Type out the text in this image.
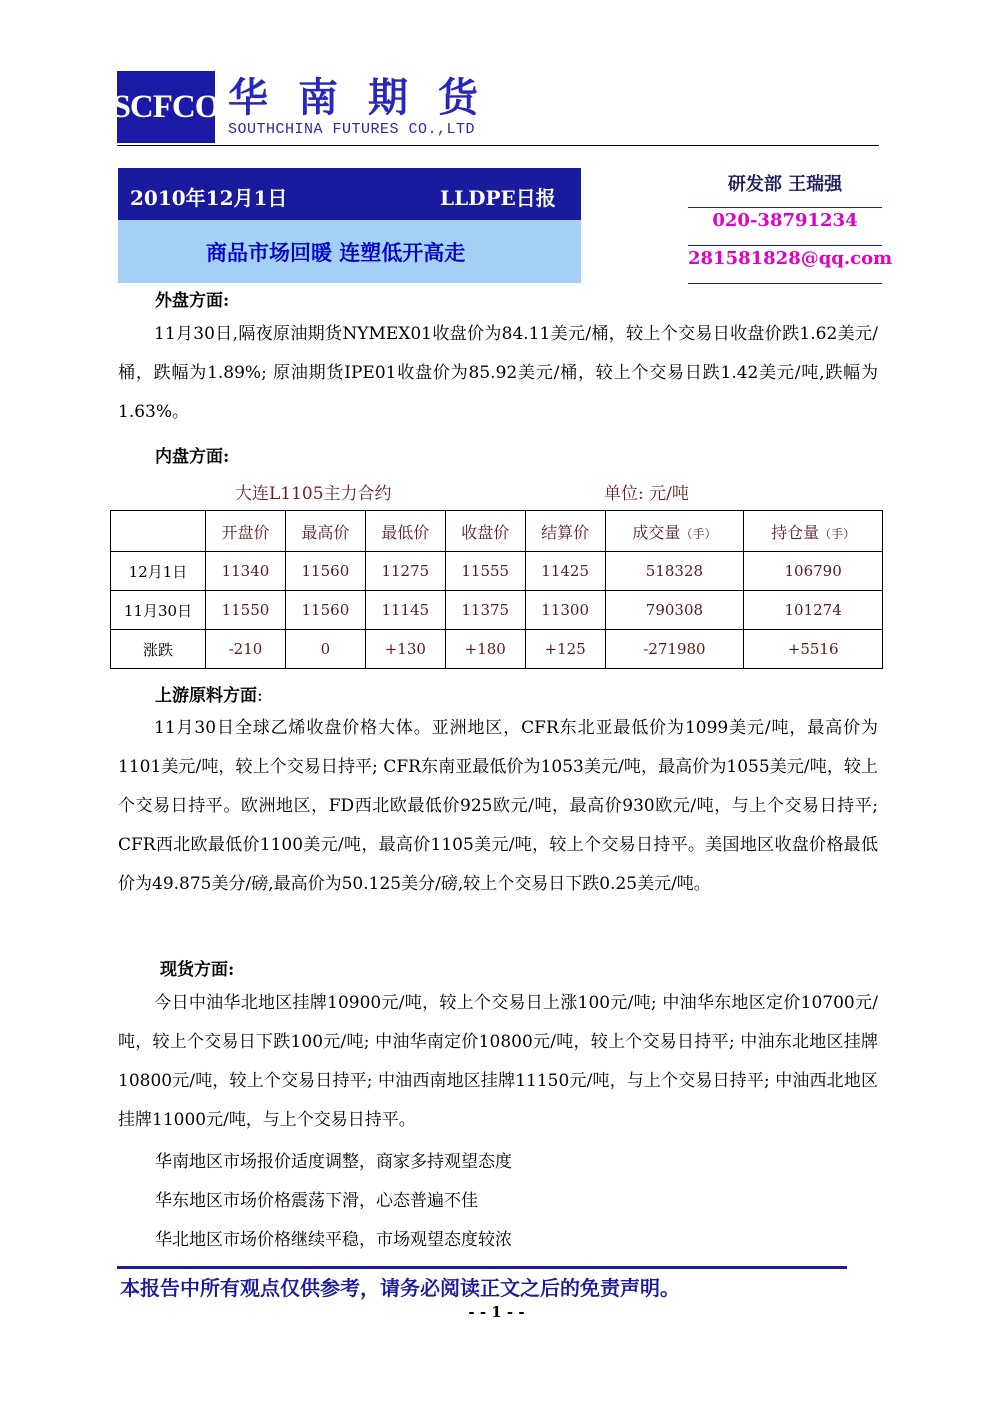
SCFCO 华南期货
SOUTHCHINA FUTURES CO.,LTD
2010年12月1日	LLDPE日报
商品市场回暖 连塑低开高走
研发部 王瑞强
020-38791234
281581828@qq.com
外盘方面:
11月30日,隔夜原油期货NYMEX01收盘价为84.11美元/桶，较上个交易日收盘价跌1.62美元/桶，跌幅为1.89%; 原油期货IPE01收盘价为85.92美元/桶，较上个交易日跌1.42美元/吨,跌幅为1.63%。
内盘方面:
大连L1105主力合约	单位: 元/吨
	开盘价	最高价	最低价	收盘价	结算价	成交量（手）	持仓量（手）
12月1日	11340	11560	11275	11555	11425	518328	106790
11月30日	11550	11560	11145	11375	11300	790308	101274
涨跌	-210	0	+130	+180	+125	-271980	+5516
上游原料方面:
11月30日全球乙烯收盘价格大体。亚洲地区，CFR东北亚最低价为1099美元/吨，最高价为1101美元/吨，较上个交易日持平; CFR东南亚最低价为1053美元/吨，最高价为1055美元/吨，较上个交易日持平。欧洲地区，FD西北欧最低价925欧元/吨，最高价930欧元/吨，与上个交易日持平; CFR西北欧最低价1100美元/吨，最高价1105美元/吨，较上个交易日持平。美国地区收盘价格最低价为49.875美分/磅,最高价为50.125美分/磅,较上个交易日下跌0.25美元/吨。
现货方面:
今日中油华北地区挂牌10900元/吨，较上个交易日上涨100元/吨; 中油华东地区定价10700元/吨，较上个交易日下跌100元/吨; 中油华南定价10800元/吨，较上个交易日持平; 中油东北地区挂牌10800元/吨，较上个交易日持平; 中油西南地区挂牌11150元/吨，与上个交易日持平; 中油西北地区挂牌11000元/吨，与上个交易日持平。
华南地区市场报价适度调整，商家多持观望态度
华东地区市场价格震荡下滑，心态普遍不佳
华北地区市场价格继续平稳，市场观望态度较浓
本报告中所有观点仅供参考，请务必阅读正文之后的免责声明。
- - 1 - -
